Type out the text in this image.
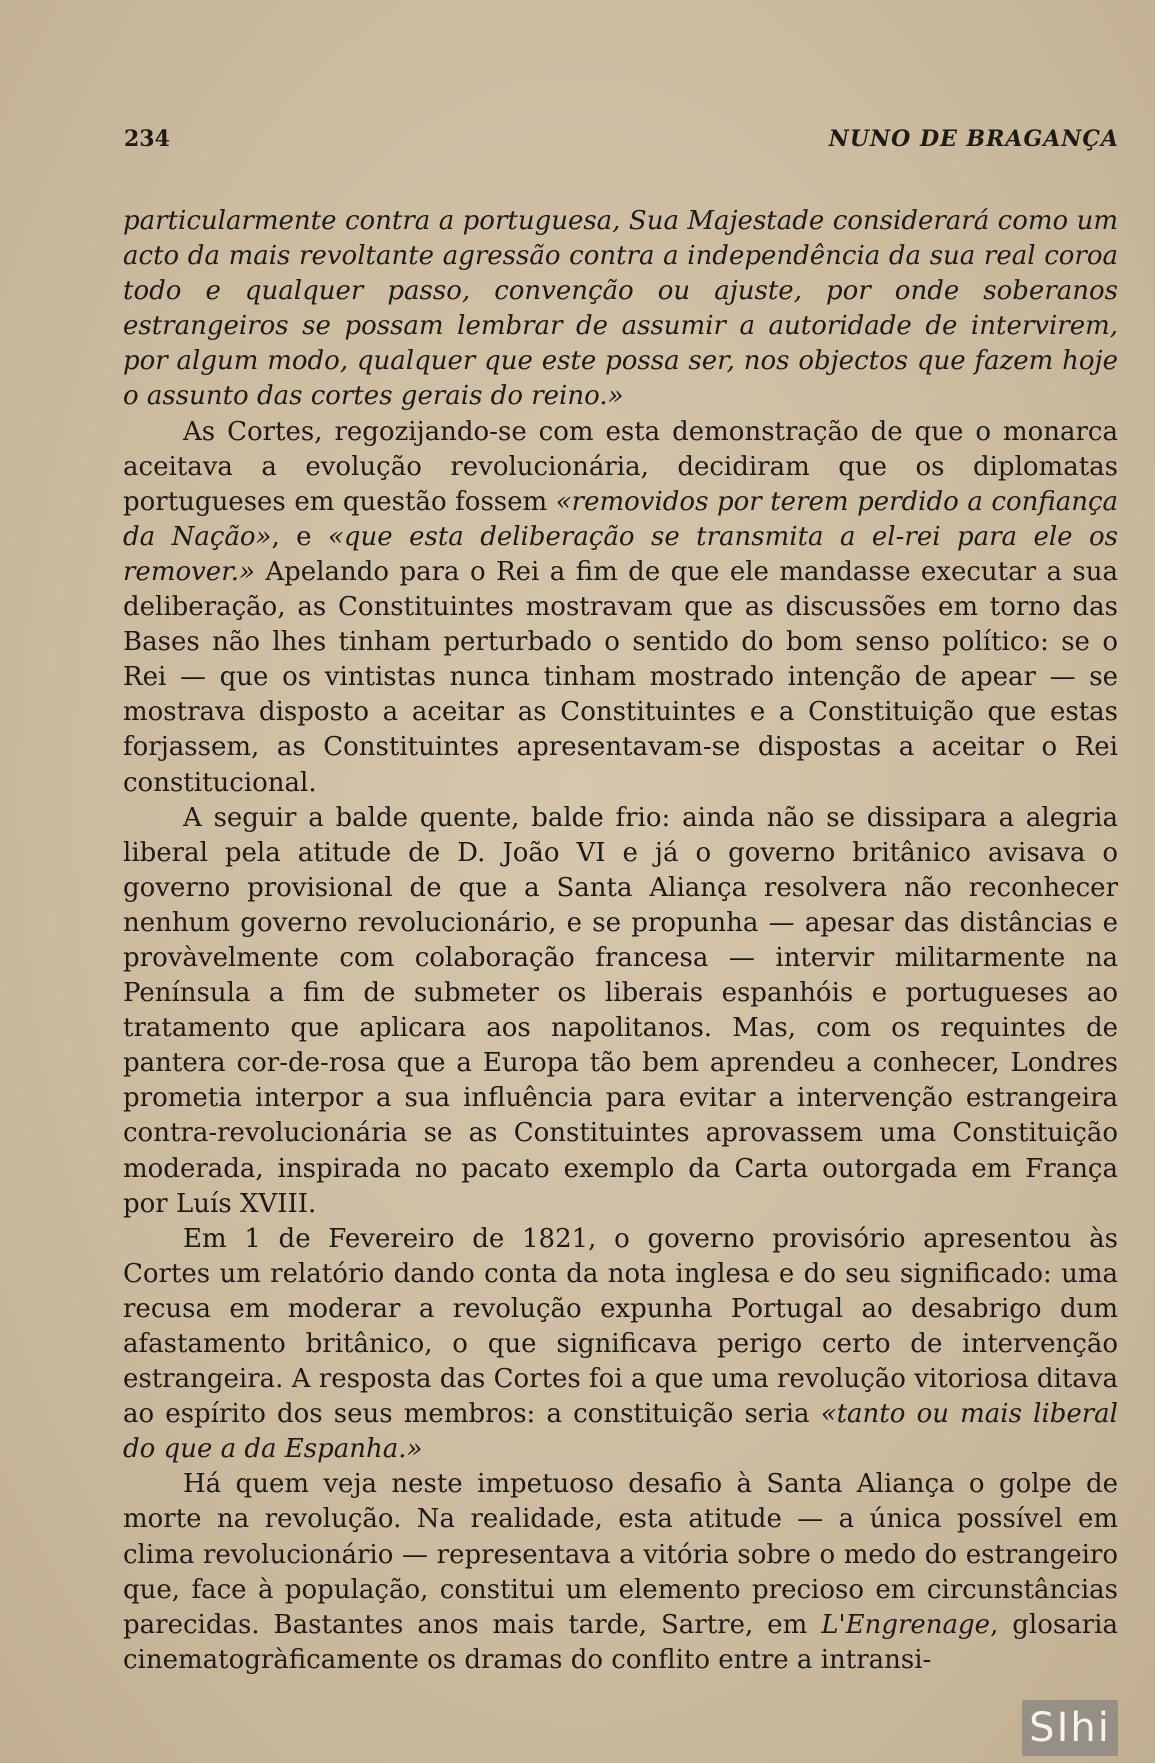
234	NUNO DE BRAGANÇA

particularmente contra a portuguesa, Sua Majestade considerará como um acto da mais revoltante agressão contra a independência da sua real coroa todo e qualquer passo, convenção ou ajuste, por onde soberanos estrangeiros se possam lembrar de assumir a autoridade de intervirem, por algum modo, qualquer que este possa ser, nos objectos que fazem hoje o assunto das cortes gerais do reino.»

As Cortes, regozijando-se com esta demonstração de que o monarca aceitava a evolução revolucionária, decidiram que os diplomatas portugueses em questão fossem «removidos por terem perdido a confiança da Nação», e «que esta deliberação se transmita a el-rei para ele os remover.» Apelando para o Rei a fim de que ele mandasse executar a sua deliberação, as Constituintes mostravam que as discussões em torno das Bases não lhes tinham perturbado o sentido do bom senso político: se o Rei — que os vintistas nunca tinham mostrado intenção de apear — se mostrava disposto a aceitar as Constituintes e a Constituição que estas forjassem, as Constituintes apresentavam-se dispostas a aceitar o Rei constitucional.

A seguir a balde quente, balde frio: ainda não se dissipara a alegria liberal pela atitude de D. João VI e já o governo britânico avisava o governo provisional de que a Santa Aliança resolvera não reconhecer nenhum governo revolucionário, e se propunha — apesar das distâncias e provàvelmente com colaboração francesa — intervir militarmente na Península a fim de submeter os liberais espanhóis e portugueses ao tratamento que aplicara aos napolitanos. Mas, com os requintes de pantera cor-de-rosa que a Europa tão bem aprendeu a conhecer, Londres prometia interpor a sua influência para evitar a intervenção estrangeira contra-revolucionária se as Constituintes aprovassem uma Constituição moderada, inspirada no pacato exemplo da Carta outorgada em França por Luís XVIII.

Em 1 de Fevereiro de 1821, o governo provisório apresentou às Cortes um relatório dando conta da nota inglesa e do seu significado: uma recusa em moderar a revolução expunha Portugal ao desabrigo dum afastamento britânico, o que significava perigo certo de intervenção estrangeira. A resposta das Cortes foi a que uma revolução vitoriosa ditava ao espírito dos seus membros: a constituição seria «tanto ou mais liberal do que a da Espanha.»

Há quem veja neste impetuoso desafio à Santa Aliança o golpe de morte na revolução. Na realidade, esta atitude — a única possível em clima revolucionário — representava a vitória sobre o medo do estrangeiro que, face à população, constitui um elemento precioso em circunstâncias parecidas. Bastantes anos mais tarde, Sartre, em L'Engrenage, glosaria cinematogràficamente os dramas do conflito entre a intransi-

SIhi
